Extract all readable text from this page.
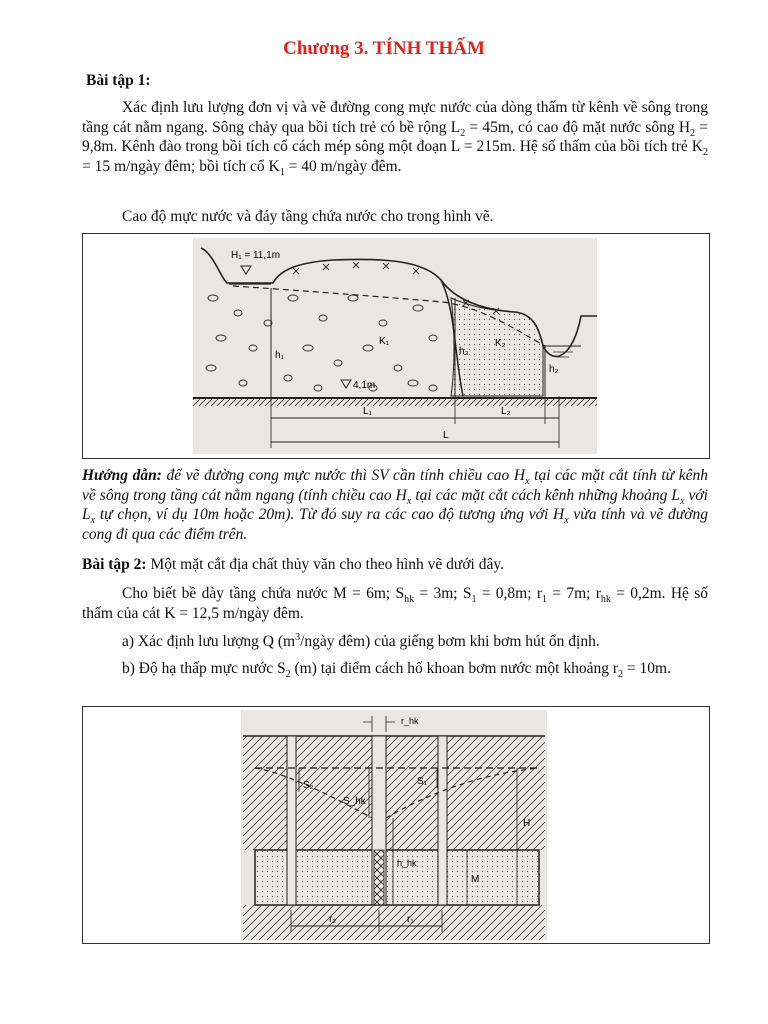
Chương 3. TÍNH THẤM
Bài tập 1:
Xác định lưu lượng đơn vị và vẽ đường cong mực nước của dòng thấm từ kênh về sông trong tầng cát nằm ngang. Sông chảy qua bồi tích trẻ có bề rộng $L_2 = 45m$, có cao độ mặt nước sông $H_2 = 9,8m$. Kênh đào trong bồi tích cổ cách mép sông một đoạn L = 215m. Hệ số thấm của bồi tích trẻ $K_2 = 15$ m/ngày đêm; bồi tích cổ $K_1 = 40$ m/ngày đêm.
Cao độ mực nước và đáy tầng chứa nước cho trong hình vẽ.
H₁ = 11,1m
K₁	K₂
h₁	h₃
h₂
4,1m
L₁	L₂
L
Hướng dẫn: để vẽ đường cong mực nước thì SV cần tính chiều cao $H_x$ tại các mặt cắt tính từ kênh về sông trong tầng cát nằm ngang (tính chiều cao $H_x$ tại các mặt cắt cách kênh những khoảng $L_x$ với $L_x$ tự chọn, ví dụ 10m hoặc 20m). Từ đó suy ra các cao độ tương ứng với $H_x$ vừa tính và vẽ đường cong đi qua các điểm trên.
Bài tập 2: Một mặt cắt địa chất thủy văn cho theo hình vẽ dưới đây.
Cho biết bề dày tầng chứa nước M = 6m; $S_{hk} = 3m$; $S_1 = 0,8m$; $r_1 = 7m$; $r_{hk} = 0,2m$. Hệ số thấm của cát K = 12,5 m/ngày đêm.
a) Xác định lưu lượng Q ($m^3$/ngày đêm) của giếng bơm khi bơm hút ổn định.
b) Độ hạ thấp mực nước $S_2$ (m) tại điểm cách hố khoan bơm nước một khoảng $r_2 = 10m$.
r_hk
S₂
S_hk
S₁
H
h_hk
M
r₂	r₁
